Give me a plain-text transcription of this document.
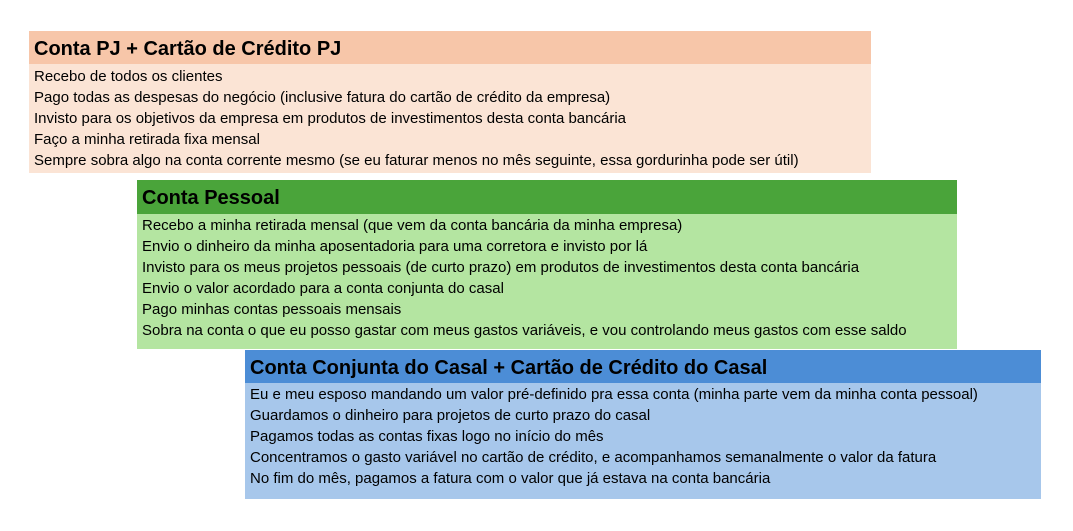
Conta PJ + Cartão de Crédito PJ
Recebo de todos os clientes
Pago todas as despesas do negócio (inclusive fatura do cartão de crédito da empresa)
Invisto para os objetivos da empresa em produtos de investimentos desta conta bancária
Faço a minha retirada fixa mensal
Sempre sobra algo na conta corrente mesmo (se eu faturar menos no mês seguinte, essa gordurinha pode ser útil)
Conta Pessoal
Recebo a minha retirada mensal (que vem da conta bancária da minha empresa)
Envio o dinheiro da minha aposentadoria para uma corretora e invisto por lá
Invisto para os meus projetos pessoais (de curto prazo) em produtos de investimentos desta conta bancária
Envio o valor acordado para a conta conjunta do casal
Pago minhas contas pessoais mensais
Sobra na conta o que eu posso gastar com meus gastos variáveis, e vou controlando meus gastos com esse saldo
Conta Conjunta do Casal + Cartão de Crédito do Casal
Eu e meu esposo mandando um valor pré-definido pra essa conta (minha parte vem da minha conta pessoal)
Guardamos o dinheiro para projetos de curto prazo do casal
Pagamos todas as contas fixas logo no início do mês
Concentramos o gasto variável no cartão de crédito, e acompanhamos semanalmente o valor da fatura
No fim do mês, pagamos a fatura com o valor que já estava na conta bancária
